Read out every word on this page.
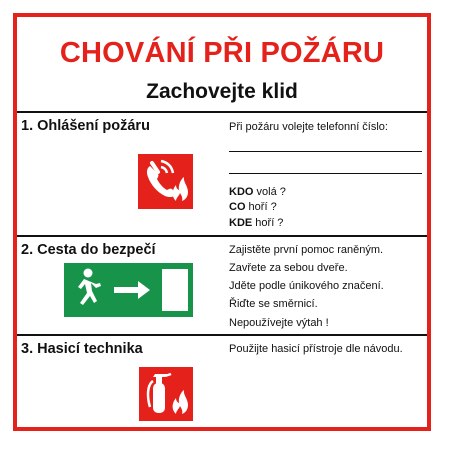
CHOVÁNÍ PŘI POŽÁRU
Zachovejte klid
1. Ohlášení požáru	Při požáru volejte telefonní číslo:
KDO volá ?
CO hoří ?
KDE hoří ?
2. Cesta do bezpečí	Zajistěte první pomoc raněným.
Zavřete za sebou dveře.
Jděte podle únikového značení.
Řiďte se směrnicí.
Nepoužívejte výtah !
3. Hasicí technika	Použijte hasicí přístroje dle návodu.
